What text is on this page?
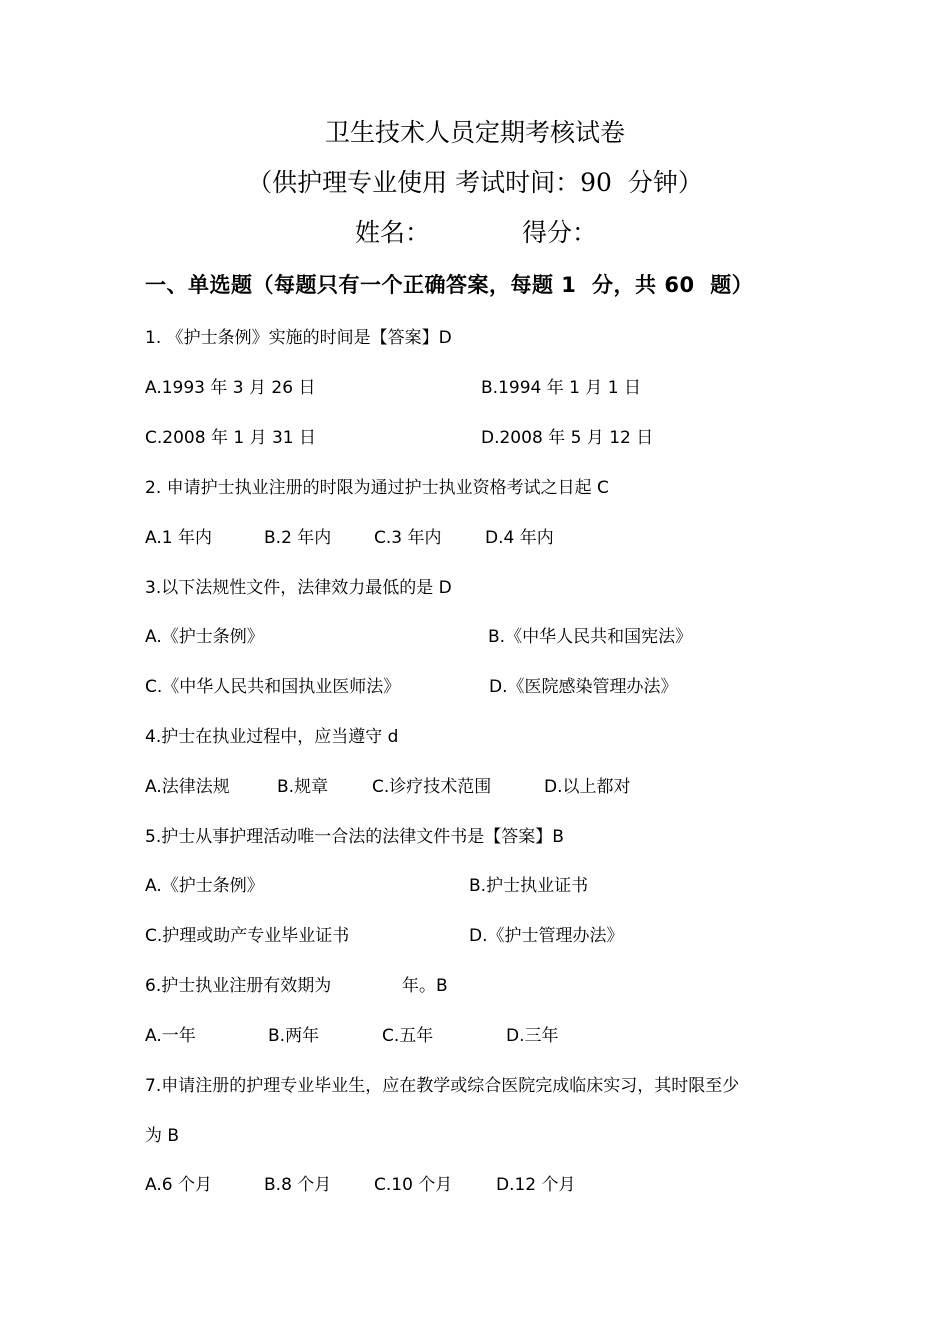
卫生技术人员定期考核试卷
（供护理专业使用 考试时间：90  分钟）
姓名：	得分：
一、单选题（每题只有一个正确答案，每题 1  分，共 60  题）
1. 《护士条例》实施的时间是【答案】D
A.1993 年 3 月 26 日	B.1994 年 1 月 1 日
C.2008 年 1 月 31 日	D.2008 年 5 月 12 日
2. 申请护士执业注册的时限为通过护士执业资格考试之日起 C
A.1 年内	B.2 年内	C.3 年内	D.4 年内
3.以下法规性文件，法律效力最低的是 D
A.《护士条例》	B.《中华人民共和国宪法》
C.《中华人民共和国执业医师法》	D.《医院感染管理办法》
4.护士在执业过程中，应当遵守 d
A.法律法规	B.规章	C.诊疗技术范围	D.以上都对
5.护士从事护理活动唯一合法的法律文件书是【答案】B
A.《护士条例》	B.护士执业证书
C.护理或助产专业毕业证书	D.《护士管理办法》
6.护士执业注册有效期为	年。B
A.一年	B.两年	C.五年	D.三年
7.申请注册的护理专业毕业生，应在教学或综合医院完成临床实习，其时限至少
为 B
A.6 个月	B.8 个月	C.10 个月	D.12 个月
